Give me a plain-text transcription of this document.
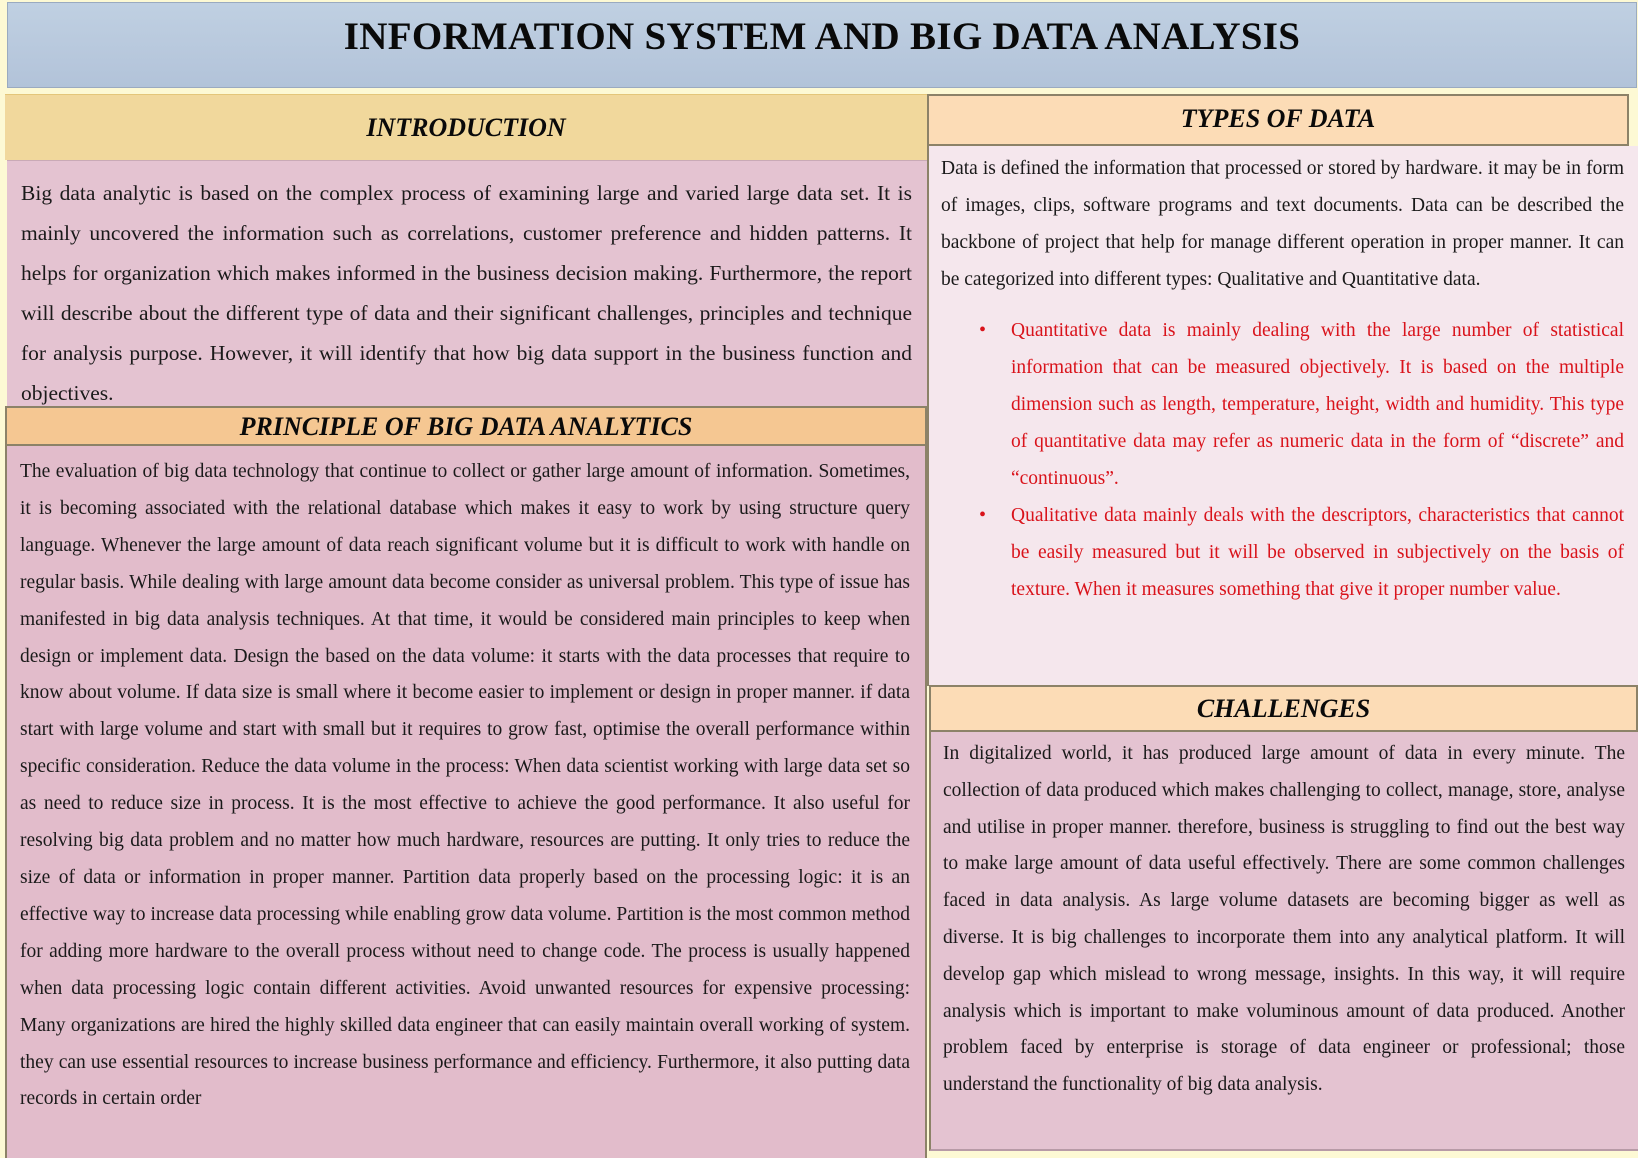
INFORMATION SYSTEM AND BIG DATA ANALYSIS
INTRODUCTION

Big data analytic is based on the complex process of examining large and varied large data set. It is mainly uncovered the information such as correlations, customer preference and hidden patterns. It helps for organization which makes informed in the business decision making. Furthermore, the report will describe about the different type of data and their significant challenges, principles and technique for analysis purpose. However, it will identify that how big data support in the business function and objectives.

PRINCIPLE OF BIG DATA ANALYTICS

The evaluation of big data technology that continue to collect or gather large amount of information. Sometimes, it is becoming associated with the relational database which makes it easy to work by using structure query language. Whenever the large amount of data reach significant volume but it is difficult to work with handle on regular basis. While dealing with large amount data become consider as universal problem. This type of issue has manifested in big data analysis techniques. At that time, it would be considered main principles to keep when design or implement data. Design the based on the data volume: it starts with the data processes that require to know about volume. If data size is small where it become easier to implement or design in proper manner. if data start with large volume and start with small but it requires to grow fast, optimise the overall performance within specific consideration. Reduce the data volume in the process: When data scientist working with large data set so as need to reduce size in process. It is the most effective to achieve the good performance. It also useful for resolving big data problem and no matter how much hardware, resources are putting. It only tries to reduce the size of data or information in proper manner. Partition data properly based on the processing logic: it is an effective way to increase data processing while enabling grow data volume. Partition is the most common method for adding more hardware to the overall process without need to change code. The process is usually happened when data processing logic contain different activities. Avoid unwanted resources for expensive processing: Many organizations are hired the highly skilled data engineer that can easily maintain overall working of system. they can use essential resources to increase business performance and efficiency. Furthermore, it also putting data records in certain order

TYPES OF DATA

Data is defined the information that processed or stored by hardware. it may be in form of images, clips, software programs and text documents. Data can be described the backbone of project that help for manage different operation in proper manner. It can be categorized into different types: Qualitative and Quantitative data.

• Quantitative data is mainly dealing with the large number of statistical information that can be measured objectively. It is based on the multiple dimension such as length, temperature, height, width and humidity. This type of quantitative data may refer as numeric data in the form of “discrete” and “continuous”.
• Qualitative data mainly deals with the descriptors, characteristics that cannot be easily measured but it will be observed in subjectively on the basis of texture. When it measures something that give it proper number value.
CHALLENGES

In digitalized world, it has produced large amount of data in every minute. The collection of data produced which makes challenging to collect, manage, store, analyse and utilise in proper manner. therefore, business is struggling to find out the best way to make large amount of data useful effectively. There are some common challenges faced in data analysis. As large volume datasets are becoming bigger as well as diverse. It is big challenges to incorporate them into any analytical platform. It will develop gap which mislead to wrong message, insights. In this way, it will require analysis which is important to make voluminous amount of data produced. Another problem faced by enterprise is storage of data engineer or professional; those understand the functionality of big data analysis.
